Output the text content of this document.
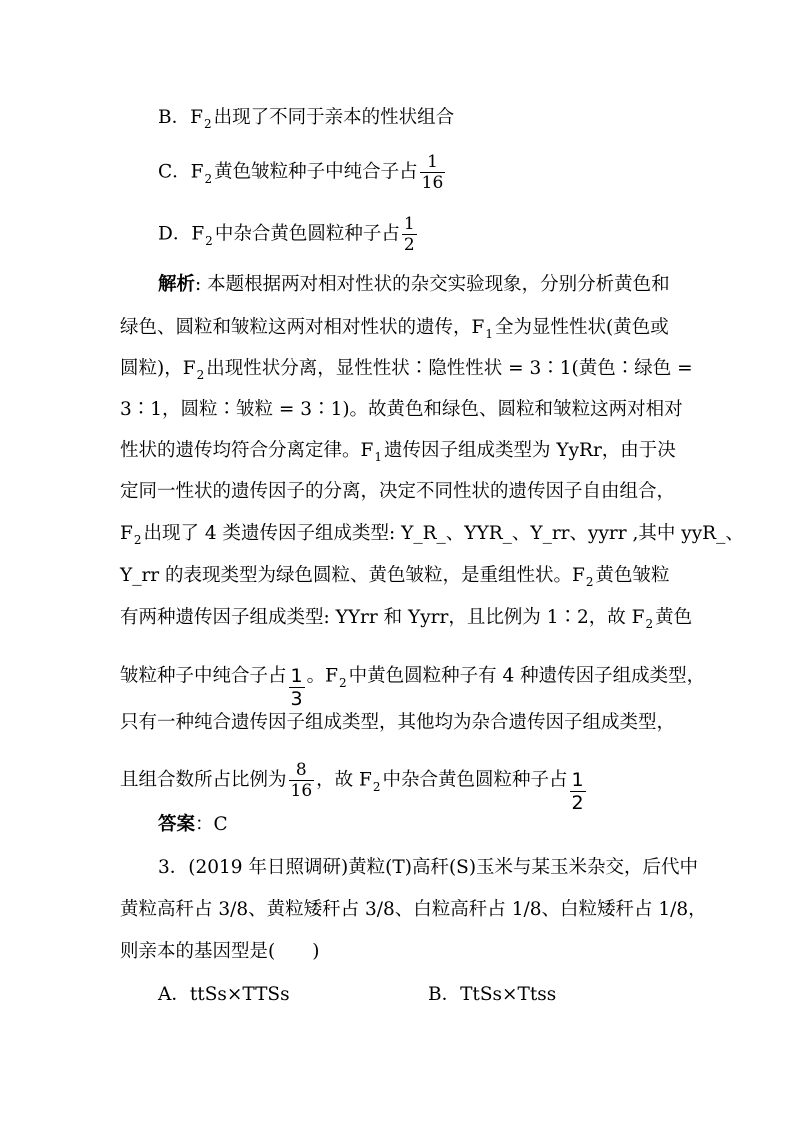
B．$F_2$ 出现了不同于亲本的性状组合
C．$F_2$ 黄色皱粒种子中纯合子占 $\frac{1}{16}$
D．$F_2$ 中杂合黄色圆粒种子占 $\frac{1}{2}$
解析: 本题根据两对相对性状的杂交实验现象，分别分析黄色和
绿色、圆粒和皱粒这两对相对性状的遗传，$F_1$ 全为显性性状(黄色或
圆粒)，$F_2$ 出现性状分离，显性性状∶隐性性状 = 3∶1(黄色∶绿色 =
3∶1，圆粒∶皱粒 = 3∶1)。故黄色和绿色、圆粒和皱粒这两对相对
性状的遗传均符合分离定律。$F_1$ 遗传因子组成类型为 YyRr，由于决
定同一性状的遗传因子的分离，决定不同性状的遗传因子自由组合，
$F_2$ 出现了 4 类遗传因子组成类型: Y_R_、YYR_、Y_rr、yyrr ,其中 yyR_、
Y_rr 的表现类型为绿色圆粒、黄色皱粒，是重组性状。$F_2$ 黄色皱粒
有两种遗传因子组成类型: YYrr 和 Yyrr，且比例为 1∶2，故 $F_2$ 黄色
皱粒种子中纯合子占 $\frac{1}{3}$ 。$F_2$ 中黄色圆粒种子有 4 种遗传因子组成类型，
只有一种纯合遗传因子组成类型，其他均为杂合遗传因子组成类型，
且组合数所占比例为 $\frac{8}{16}$ ，故 $F_2$ 中杂合黄色圆粒种子占 $\frac{1}{2}$
答案：C
3．(2019 年日照调研)黄粒(T)高秆(S)玉米与某玉米杂交，后代中
黄粒高秆占 3/8、黄粒矮秆占 3/8、白粒高秆占 1/8、白粒矮秆占 1/8，
则亲本的基因型是(　　)
A．ttSs×TTSs	B．TtSs×Ttss
